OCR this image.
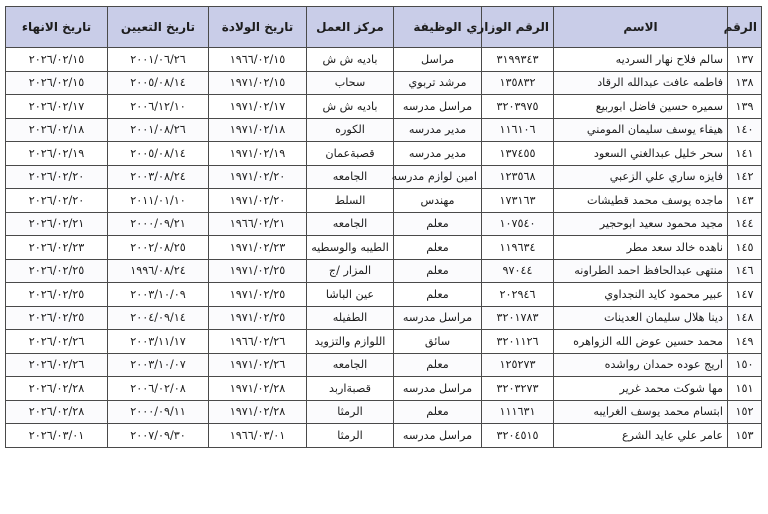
الرقم	الاسم	الرقم الوزاري	الوظيفة	مركز العمل	تاريخ الولادة	تاريخ التعيين	تاريخ الانهاء
١٣٧	سالم فلاح نهار السرديه	٣١٩٩٣٤٣	مراسل	باديه ش ش	١٩٦٦/٠٢/١٥	٢٠٠١/٠٦/٢٦	٢٠٢٦/٠٢/١٥
١٣٨	فاطمه عافت عبدالله الرقاد	١٣٥٨٣٢	مرشد تربوي	سحاب	١٩٧١/٠٢/١٥	٢٠٠٥/٠٨/١٤	٢٠٢٦/٠٢/١٥
١٣٩	سميره حسين فاضل ابوربيع	٣٢٠٣٩٧٥	مراسل مدرسه	باديه ش ش	١٩٧١/٠٢/١٧	٢٠٠٦/١٢/١٠	٢٠٢٦/٠٢/١٧
١٤٠	هيفاء يوسف سليمان المومني	١١٦١٠٦	مدير مدرسه	الكوره	١٩٧١/٠٢/١٨	٢٠٠١/٠٨/٢٦	٢٠٢٦/٠٢/١٨
١٤١	سحر خليل عبدالغني السعود	١٣٧٤٥٥	مدير مدرسه	قصبةعمان	١٩٧١/٠٢/١٩	٢٠٠٥/٠٨/١٤	٢٠٢٦/٠٢/١٩
١٤٢	فايزه ساري علي الزعبي	١٢٣٥٦٨	امين لوازم مدرسه	الجامعه	١٩٧١/٠٢/٢٠	٢٠٠٣/٠٨/٢٤	٢٠٢٦/٠٢/٢٠
١٤٣	ماجده يوسف محمد قطيشات	١٧٣١٦٣	مهندس	السلط	١٩٧١/٠٢/٢٠	٢٠١١/٠١/١٠	٢٠٢٦/٠٢/٢٠
١٤٤	مجيد محمود سعيد ابوحجير	١٠٧٥٤٠	معلم	الجامعه	١٩٦٦/٠٢/٢١	٢٠٠٠/٠٩/٢١	٢٠٢٦/٠٢/٢١
١٤٥	ناهده خالد سعد مطر	١١٩٦٣٤	معلم	الطيبه والوسطيه	١٩٧١/٠٢/٢٣	٢٠٠٢/٠٨/٢٥	٢٠٢٦/٠٢/٢٣
١٤٦	منتهى عبدالحافظ احمد الطراونه	٩٧٠٤٤	معلم	المزار /ج	١٩٧١/٠٢/٢٥	١٩٩٦/٠٨/٢٤	٢٠٢٦/٠٢/٢٥
١٤٧	عبير محمود كايد النجداوي	٢٠٢٩٤٦	معلم	عين الباشا	١٩٧١/٠٢/٢٥	٢٠٠٣/١٠/٠٩	٢٠٢٦/٠٢/٢٥
١٤٨	دينا هلال سليمان العدينات	٣٢٠١٧٨٣	مراسل مدرسه	الطفيله	١٩٧١/٠٢/٢٥	٢٠٠٤/٠٩/١٤	٢٠٢٦/٠٢/٢٥
١٤٩	محمد حسين عوض الله الزواهره	٣٢٠١١٢٦	سائق	اللوازم والتزويد	١٩٦٦/٠٢/٢٦	٢٠٠٣/١١/١٧	٢٠٢٦/٠٢/٢٦
١٥٠	اريج عوده حمدان رواشده	١٢٥٢٧٣	معلم	الجامعه	١٩٧١/٠٢/٢٦	٢٠٠٣/١٠/٠٧	٢٠٢٦/٠٢/٢٦
١٥١	مها شوكت محمد غرير	٣٢٠٣٢٧٣	مراسل مدرسه	قصبةاربد	١٩٧١/٠٢/٢٨	٢٠٠٦/٠٢/٠٨	٢٠٢٦/٠٢/٢٨
١٥٢	ابتسام محمد يوسف الغرايبه	١١١٦٣١	معلم	الرمثا	١٩٧١/٠٢/٢٨	٢٠٠٠/٠٩/١١	٢٠٢٦/٠٢/٢٨
١٥٣	عامر علي عايد الشرع	٣٢٠٤٥١٥	مراسل مدرسه	الرمثا	١٩٦٦/٠٣/٠١	٢٠٠٧/٠٩/٣٠	٢٠٢٦/٠٣/٠١
